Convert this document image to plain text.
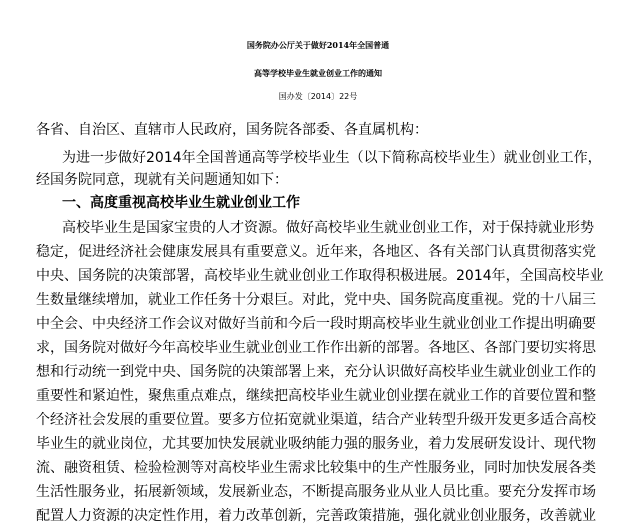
国务院办公厅关于做好2014年全国普通
高等学校毕业生就业创业工作的通知
国办发〔2014〕22号
各省、自治区、直辖市人民政府，国务院各部委、各直属机构：
为进一步做好2014年全国普通高等学校毕业生（以下简称高校毕业生）就业创业工作，
经国务院同意，现就有关问题通知如下：
一、高度重视高校毕业生就业创业工作
高校毕业生是国家宝贵的人才资源。做好高校毕业生就业创业工作，对于保持就业形势
稳定，促进经济社会健康发展具有重要意义。近年来，各地区、各有关部门认真贯彻落实党
中央、国务院的决策部署，高校毕业生就业创业工作取得积极进展。2014年，全国高校毕业
生数量继续增加，就业工作任务十分艰巨。对此，党中央、国务院高度重视。党的十八届三
中全会、中央经济工作会议对做好当前和今后一段时期高校毕业生就业创业工作提出明确要
求，国务院对做好今年高校毕业生就业创业工作作出新的部署。各地区、各部门要切实将思
想和行动统一到党中央、国务院的决策部署上来，充分认识做好高校毕业生就业创业工作的
重要性和紧迫性，聚焦重点难点，继续把高校毕业生就业创业摆在就业工作的首要位置和整
个经济社会发展的重要位置。要多方位拓宽就业渠道，结合产业转型升级开发更多适合高校
毕业生的就业岗位，尤其要加快发展就业吸纳能力强的服务业，着力发展研发设计、现代物
流、融资租赁、检验检测等对高校毕业生需求比较集中的生产性服务业，同时加快发展各类
生活性服务业，拓展新领域，发展新业态，不断提高服务业从业人员比重。要充分发挥市场
配置人力资源的决定性作用，着力改革创新，完善政策措施，强化就业创业服务，改善就业
